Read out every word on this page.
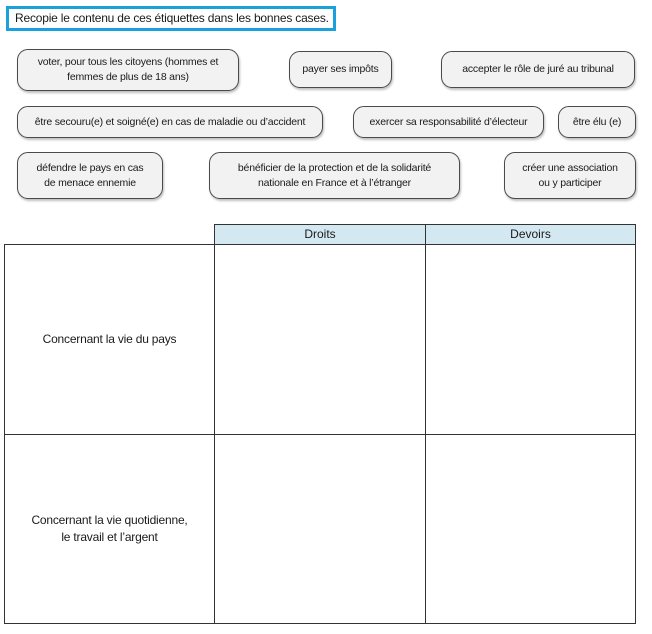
Recopie le contenu de ces étiquettes dans les bonnes cases.
voter, pour tous les citoyens (hommes et
femmes de plus de 18 ans)
payer ses impôts	accepter le rôle de juré au tribunal
être secouru(e) et soigné(e) en cas de maladie ou d’accident	exercer sa responsabilité d’électeur	être élu (e)
défendre le pays en cas
de menace ennemie
bénéficier de la protection et de la solidarité
nationale en France et à l’étranger
créer une association
ou y participer
Droits	Devoirs
Concernant la vie du pays
Concernant la vie quotidienne,
le travail et l’argent
